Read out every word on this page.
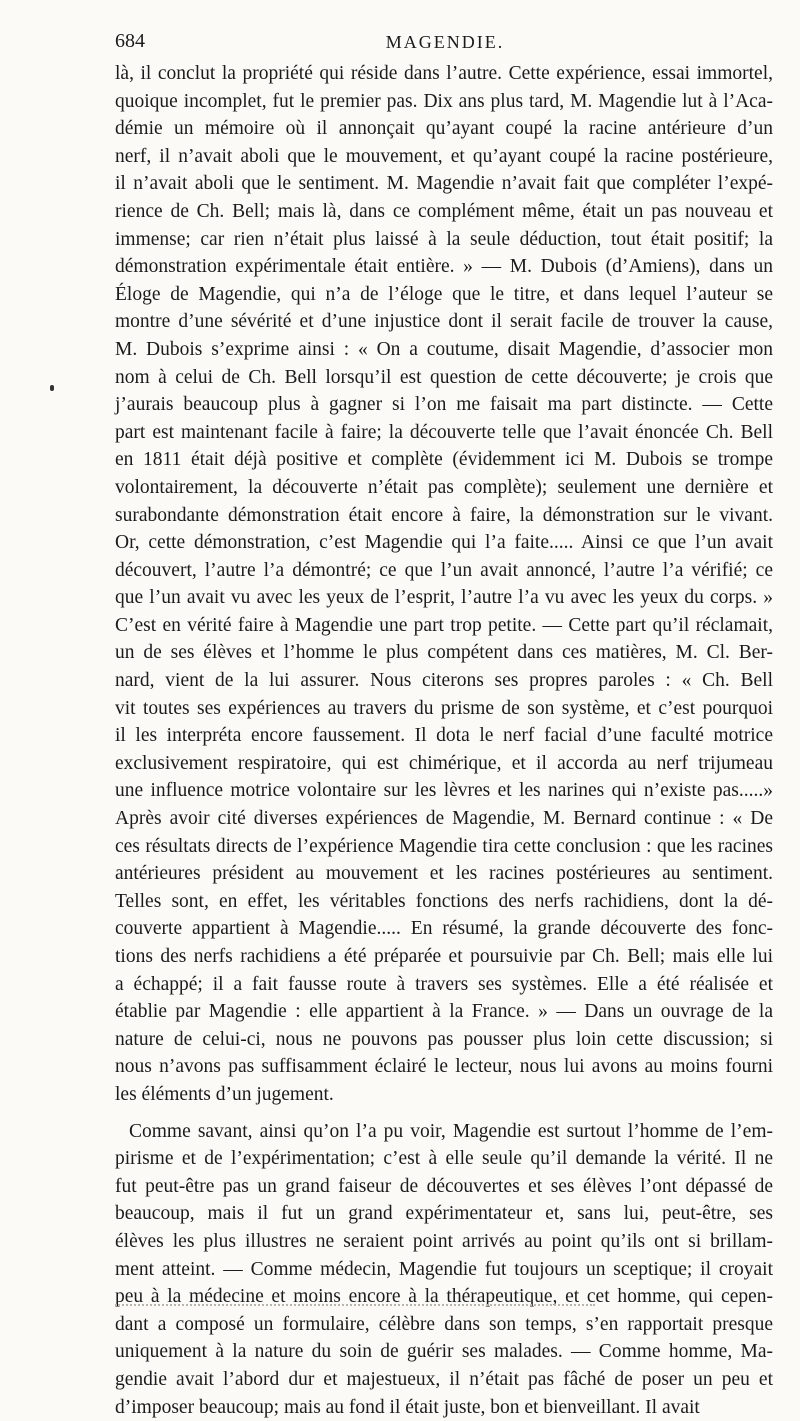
684	MAGENDIE.

là, il conclut la propriété qui réside dans l’autre. Cette expérience, essai immortel,

quoique incomplet, fut le premier pas. Dix ans plus tard, M. Magendie lut à l’Aca-

démie un mémoire où il annonçait qu’ayant coupé la racine antérieure d’un

nerf, il n’avait aboli que le mouvement, et qu’ayant coupé la racine postérieure,

il n’avait aboli que le sentiment. M. Magendie n’avait fait que compléter l’expé-

rience de Ch. Bell; mais là, dans ce complément même, était un pas nouveau et

immense; car rien n’était plus laissé à la seule déduction, tout était positif; la

démonstration expérimentale était entière. » — M. Dubois (d’Amiens), dans un

Éloge de Magendie, qui n’a de l’éloge que le titre, et dans lequel l’auteur se

montre d’une sévérité et d’une injustice dont il serait facile de trouver la cause,

M. Dubois s’exprime ainsi : « On a coutume, disait Magendie, d’associer mon

nom à celui de Ch. Bell lorsqu’il est question de cette découverte; je crois que

j’aurais beaucoup plus à gagner si l’on me faisait ma part distincte. — Cette

part est maintenant facile à faire; la découverte telle que l’avait énoncée Ch. Bell

en 1811 était déjà positive et complète (évidemment ici M. Dubois se trompe

volontairement, la découverte n’était pas complète); seulement une dernière et

surabondante démonstration était encore à faire, la démonstration sur le vivant.

Or, cette démonstration, c’est Magendie qui l’a faite..... Ainsi ce que l’un avait

découvert, l’autre l’a démontré; ce que l’un avait annoncé, l’autre l’a vérifié; ce

que l’un avait vu avec les yeux de l’esprit, l’autre l’a vu avec les yeux du corps. »

C’est en vérité faire à Magendie une part trop petite. — Cette part qu’il réclamait,

un de ses élèves et l’homme le plus compétent dans ces matières, M. Cl. Ber-

nard, vient de la lui assurer. Nous citerons ses propres paroles : « Ch. Bell

vit toutes ses expériences au travers du prisme de son système, et c’est pourquoi

il les interpréta encore faussement. Il dota le nerf facial d’une faculté motrice

exclusivement respiratoire, qui est chimérique, et il accorda au nerf trijumeau

une influence motrice volontaire sur les lèvres et les narines qui n’existe pas.....»

Après avoir cité diverses expériences de Magendie, M. Bernard continue : « De

ces résultats directs de l’expérience Magendie tira cette conclusion : que les racines

antérieures président au mouvement et les racines postérieures au sentiment.

Telles sont, en effet, les véritables fonctions des nerfs rachidiens, dont la dé-

couverte appartient à Magendie..... En résumé, la grande découverte des fonc-

tions des nerfs rachidiens a été préparée et poursuivie par Ch. Bell; mais elle lui

a échappé; il a fait fausse route à travers ses systèmes. Elle a été réalisée et

établie par Magendie : elle appartient à la France. » — Dans un ouvrage de la

nature de celui-ci, nous ne pouvons pas pousser plus loin cette discussion; si

nous n’avons pas suffisamment éclairé le lecteur, nous lui avons au moins fourni

les éléments d’un jugement.

Comme savant, ainsi qu’on l’a pu voir, Magendie est surtout l’homme de l’em-

pirisme et de l’expérimentation; c’est à elle seule qu’il demande la vérité. Il ne

fut peut-être pas un grand faiseur de découvertes et ses élèves l’ont dépassé de

beaucoup, mais il fut un grand expérimentateur et, sans lui, peut-être, ses

élèves les plus illustres ne seraient point arrivés au point qu’ils ont si brillam-

ment atteint. — Comme médecin, Magendie fut toujours un sceptique; il croyait

peu à la médecine et moins encore à la thérapeutique, et cet homme, qui cepen-

dant a composé un formulaire, célèbre dans son temps, s’en rapportait presque

uniquement à la nature du soin de guérir ses malades. — Comme homme, Ma-

gendie avait l’abord dur et majestueux, il n’était pas fâché de poser un peu et

d’imposer beaucoup; mais au fond il était juste, bon et bienveillant. Il avait
